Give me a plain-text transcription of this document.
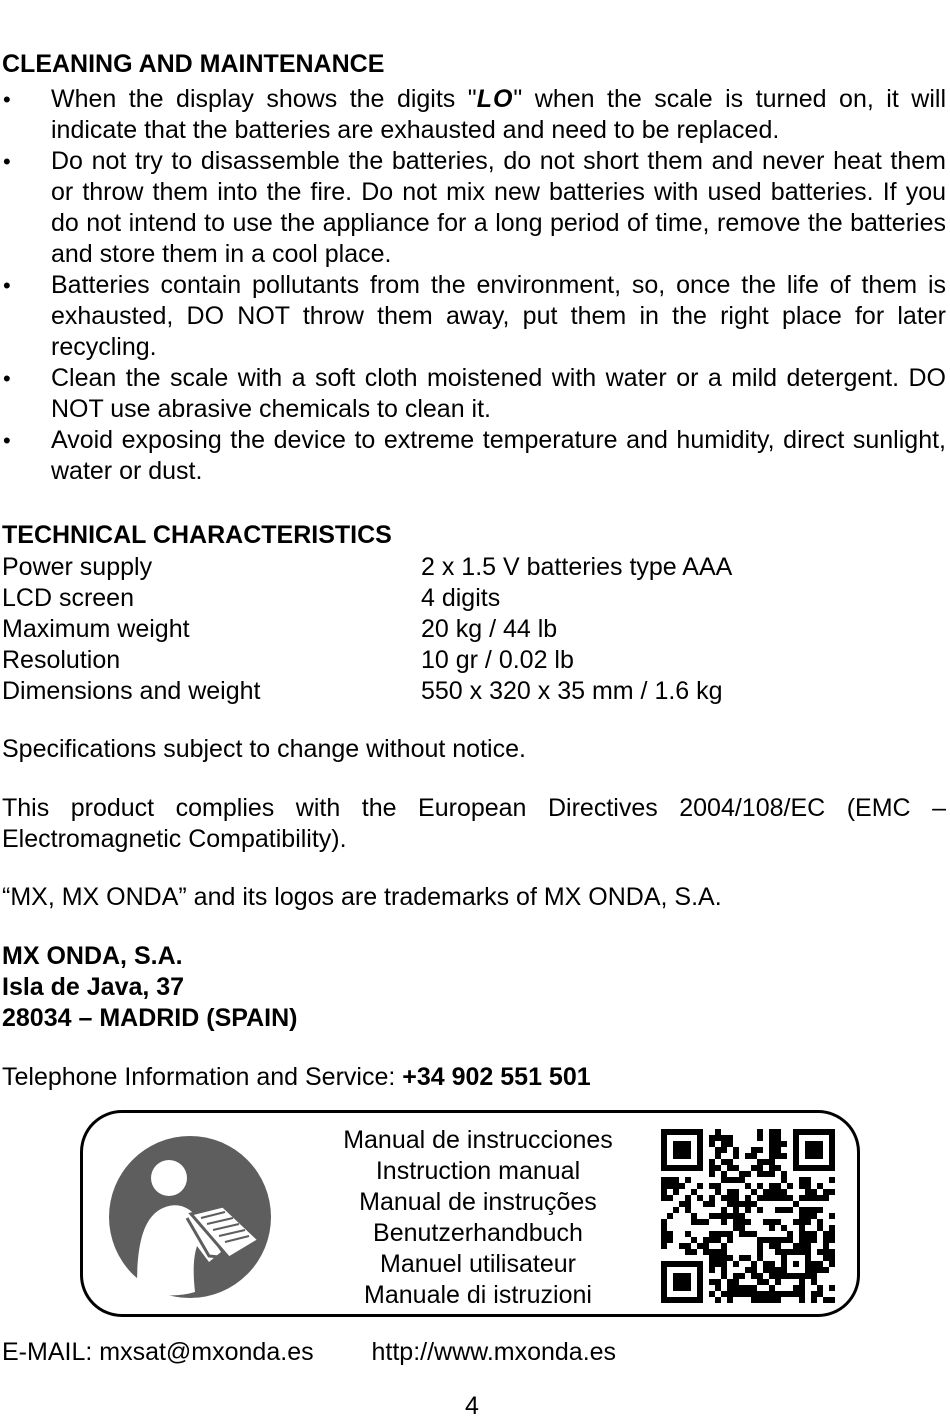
CLEANING AND MAINTENANCE
• When the display shows the digits "LO" when the scale is turned on, it will indicate that the batteries are exhausted and need to be replaced.
• Do not try to disassemble the batteries, do not short them and never heat them or throw them into the fire. Do not mix new batteries with used batteries. If you do not intend to use the appliance for a long period of time, remove the batteries and store them in a cool place.
• Batteries contain pollutants from the environment, so, once the life of them is exhausted, DO NOT throw them away, put them in the right place for later recycling.
• Clean the scale with a soft cloth moistened with water or a mild detergent. DO NOT use abrasive chemicals to clean it.
• Avoid exposing the device to extreme temperature and humidity, direct sunlight, water or dust.
TECHNICAL CHARACTERISTICS
Power supply	2 x 1.5 V batteries type AAA
LCD screen	4 digits
Maximum weight	20 kg / 44 lb
Resolution	10 gr / 0.02 lb
Dimensions and weight	550 x 320 x 35 mm / 1.6 kg
Specifications subject to change without notice.
This product complies with the European Directives 2004/108/EC (EMC –
Electromagnetic Compatibility).
“MX, MX ONDA” and its logos are trademarks of MX ONDA, S.A.
MX ONDA, S.A.
Isla de Java, 37
28034 – MADRID (SPAIN)
Telephone Information and Service: +34 902 551 501
E-MAIL: mxsat@mxonda.es http://www.mxonda.es
4
Manual de instrucciones
Instruction manual
Manual de instruções
Benutzerhandbuch
Manuel utilisateur
Manuale di istruzioni
